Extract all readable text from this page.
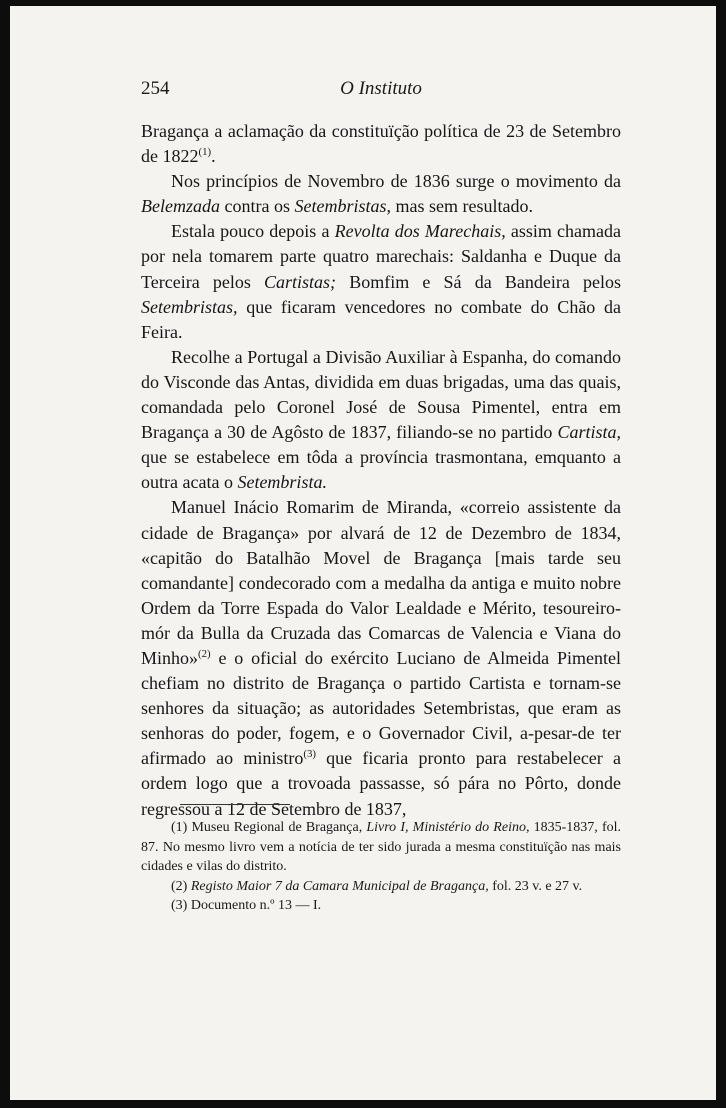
254	O Instituto

Bragança a aclamação da constituïção política de 23 de Setembro de 1822$^{(1)}$.

Nos princípios de Novembro de 1836 surge o movimento da Belemzada contra os Setembristas, mas sem resultado.

Estala pouco depois a Revolta dos Marechais, assim chamada por nela tomarem parte quatro marechais: Saldanha e Duque da Terceira pelos Cartistas; Bomfim e Sá da Bandeira pelos Setembristas, que ficaram vencedores no combate do Chão da Feira.

Recolhe a Portugal a Divisão Auxiliar à Espanha, do comando do Visconde das Antas, dividida em duas brigadas, uma das quais, comandada pelo Coronel José de Sousa Pimentel, entra em Bragança a 30 de Agôsto de 1837, filiando-se no partido Cartista, que se estabelece em tôda a província trasmontana, emquanto a outra acata o Setembrista.

Manuel Inácio Romarim de Miranda, «correio assistente da cidade de Bragança» por alvará de 12 de Dezembro de 1834, «capitão do Batalhão Movel de Bragança [mais tarde seu comandante] condecorado com a medalha da antiga e muito nobre Ordem da Torre Espada do Valor Lealdade e Mérito, tesoureiro-mór da Bulla da Cruzada das Comarcas de Valencia e Viana do Minho»$^{(2)}$ e o oficial do exército Luciano de Almeida Pimentel chefiam no distrito de Bragança o partido Cartista e tornam-se senhores da situação; as autoridades Setembristas, que eram as senhoras do poder, fogem, e o Governador Civil, a-pesar-de ter afirmado ao ministro$^{(3)}$ que ficaria pronto para restabelecer a ordem logo que a trovoada passasse, só pára no Pôrto, donde regressou a 12 de Setembro de 1837,

(1) Museu Regional de Bragança, Livro I, Ministério do Reino, 1835-1837, fol. 87. No mesmo livro vem a notícia de ter sido jurada a mesma constituïção nas mais cidades e vilas do distrito.

(2) Registo Maior 7 da Camara Municipal de Bragança, fol. 23 v. e 27 v.

(3) Documento n.º 13 — I.
